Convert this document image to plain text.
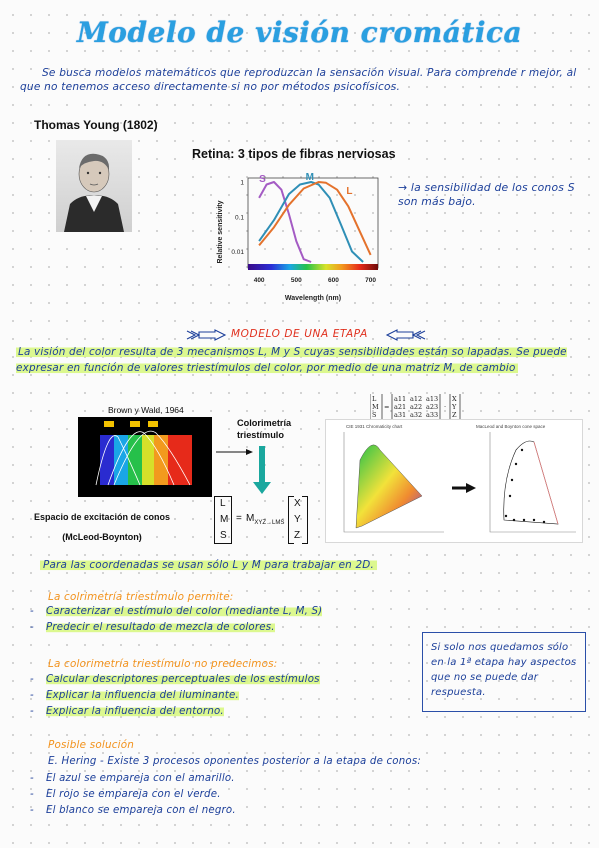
Modelo de visión cromática
Se busca modelos matemáticos que reproduzcan la sensación visual. Para comprende r mejor, al que no tenemos acceso directamente si no por métodos psicofísicos.
Thomas Young (1802)
Retina: 3 tipos de fibras nerviosas
Relative sensitivity
1
0.1
0.01
400	500	600	700
S	M
L
Wavelength (nm)
→ la sensibilidad de los conos S son más bajo.
MODELO DE UNA ETAPA
La visión del color resulta de 3 mecanismos L, M y S cuyas sensibilidades están so lapadas. Se puede expresar en función de valores triestímulos del color, por medio de una matriz M, de cambio
L
M
S
=
a11 a12 a13
a21 a22 a23
a31 a32 a33
·
X
Y
Z
Brown y Wald, 1964
Colorimetría triestímulo
Espacio de excitación de conos
(McLeod-Boynton)
L
M
S
= $M_{XYZ\to LMS}$
X
Y
Z
CIE 1931 Chromaticity chart	MacLeod and Boynton cone space
Para las coordenadas se usan sólo L y M para trabajar en 2D.
La colrimetría triestímulo permite:
- Caracterizar el estímulo del color (mediante L, M, S)
- Predecir el resultado de mezcla de colores.
La colorimetría triestímulo no predecimos:
- Calcular descriptores perceptuales de los estímulos
- Explicar la influencia del iluminante.
- Explicar la influencia del entorno.
Si solo nos quedamos sólo en la 1ª etapa hay aspectos que no se puede dar respuesta.
Posible solución
E. Hering - Existe 3 procesos oponentes posterior a la etapa de conos:
- El azul se empareja con el amarillo.
- El rojo se empareja con el verde.
- El blanco se empareja con el negro.
